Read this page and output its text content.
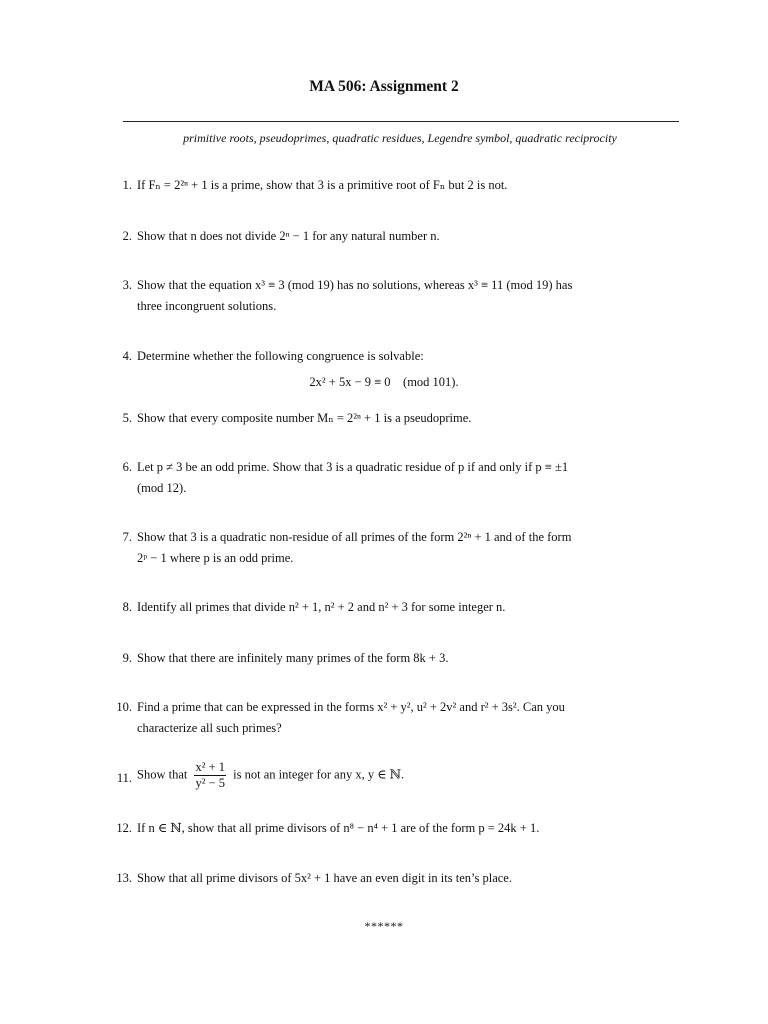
MA 506: Assignment 2
primitive roots, pseudoprimes, quadratic residues, Legendre symbol, quadratic reciprocity
1. If Fₙ = 2²ⁿ + 1 is a prime, show that 3 is a primitive root of Fₙ but 2 is not.
2. Show that n does not divide 2ⁿ − 1 for any natural number n.
3. Show that the equation x³ ≡ 3 (mod 19) has no solutions, whereas x³ ≡ 11 (mod 19) has
three incongruent solutions.
4. Determine whether the following congruence is solvable:
2x² + 5x − 9 ≡ 0    (mod 101).
5. Show that every composite number Mₙ = 2²ⁿ + 1 is a pseudoprime.
6. Let p ≠ 3 be an odd prime. Show that 3 is a quadratic residue of p if and only if p ≡ ±1
(mod 12).
7. Show that 3 is a quadratic non-residue of all primes of the form 2²ⁿ + 1 and of the form
2ᵖ − 1 where p is an odd prime.
8. Identify all primes that divide n² + 1, n² + 2 and n² + 3 for some integer n.
9. Show that there are infinitely many primes of the form 8k + 3.
10. Find a prime that can be expressed in the forms x² + y², u² + 2v² and r² + 3s². Can you
characterize all such primes?
11. Show that $\frac{\text{x² + 1}}{\text{y² − 5}}$ is not an integer for any x, y ∈ ℕ.
12. If n ∈ ℕ, show that all prime divisors of n⁸ − n⁴ + 1 are of the form p = 24k + 1.
13. Show that all prime divisors of 5x² + 1 have an even digit in its ten’s place.
******
